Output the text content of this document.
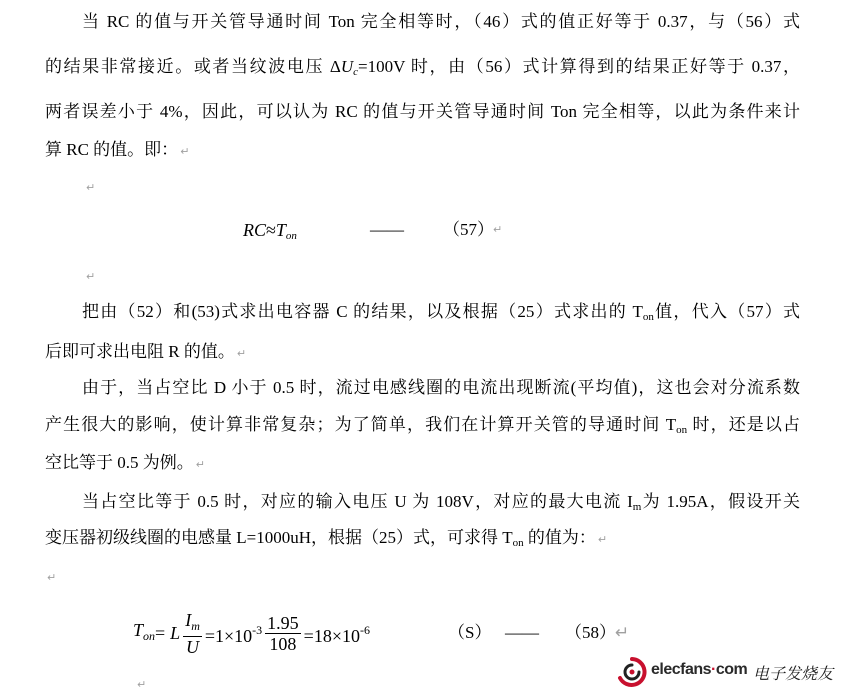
当 RC 的值与开关管导通时间 Ton 完全相等时，（46）式的值正好等于 0.37，与（56）式
的结果非常接近。或者当纹波电压 $\Delta U_c=100V$ 时，由（56）式计算得到的结果正好等于 0.37，
两者误差小于 4%，因此，可以认为 RC 的值与开关管导通时间 Ton 完全相等，以此为条件来计
算 RC 的值。即： ↵
↵
$RC\approx T_{on}$	—— （57） ↵
↵
把由（52）和(53)式求出电容器 C 的结果，以及根据（25）式求出的 $T_{on}$值，代入（57）式
后即可求出电阻 R 的值。 ↵
由于，当占空比 D 小于 0.5 时，流过电感线圈的电流出现断流(平均值)，这也会对分流系数
产生很大的影响，使计算非常复杂；为了简单，我们在计算开关管的导通时间 $T_{on}$ 时，还是以占
空比等于 0.5 为例。 ↵
当占空比等于 0.5 时，对应的输入电压 U 为 108V，对应的最大电流 $I_m$为 1.95A，假设开关
变压器初级线圈的电感量 L=1000uH，根据（25）式，可求得 $T_{on}$ 的值为： ↵
↵
$T_{on} = L \frac{I_m}{U} =1\times 10^{-3} \frac{1.95}{108} =18\times 10^{-6}$	（S） —— （58） ↵
↵
elecfans·com 电子发烧友
